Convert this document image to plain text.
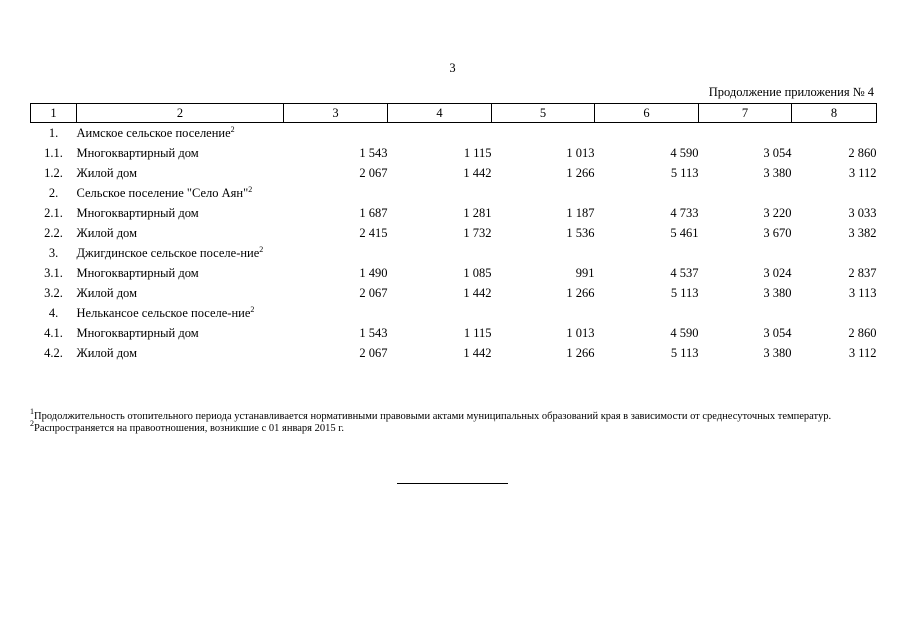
3
Продолжение приложения № 4
1	2	3	4	5	6	7	8
1.	Аимское сельское поселение$^2$

1.1.	Многоквартирный дом	1 543	1 115	1 013	4 590	3 054	2 860
1.2.	Жилой дом	2 067	1 442	1 266	5 113	3 380	3 112
2.	Сельское поселение "Село Аян"$^2$

2.1.	Многоквартирный дом	1 687	1 281	1 187	4 733	3 220	3 033
2.2.	Жилой дом	2 415	1 732	1 536	5 461	3 670	3 382
3.	Джигдинское сельское поселе-ние$^2$

3.1.	Многоквартирный дом	1 490	1 085	991	4 537	3 024	2 837
3.2.	Жилой дом	2 067	1 442	1 266	5 113	3 380	3 113
4.	Нелькансое сельское поселе-ние$^2$

4.1.	Многоквартирный дом	1 543	1 115	1 013	4 590	3 054	2 860
4.2.	Жилой дом	2 067	1 442	1 266	5 113	3 380	3 112

$^1$Продолжительность отопительного периода устанавливается нормативными правовыми актами муниципальных образований края в зависимости от среднесуточных температур.

$^2$Распространяется на правоотношения, возникшие с 01 января 2015 г.
